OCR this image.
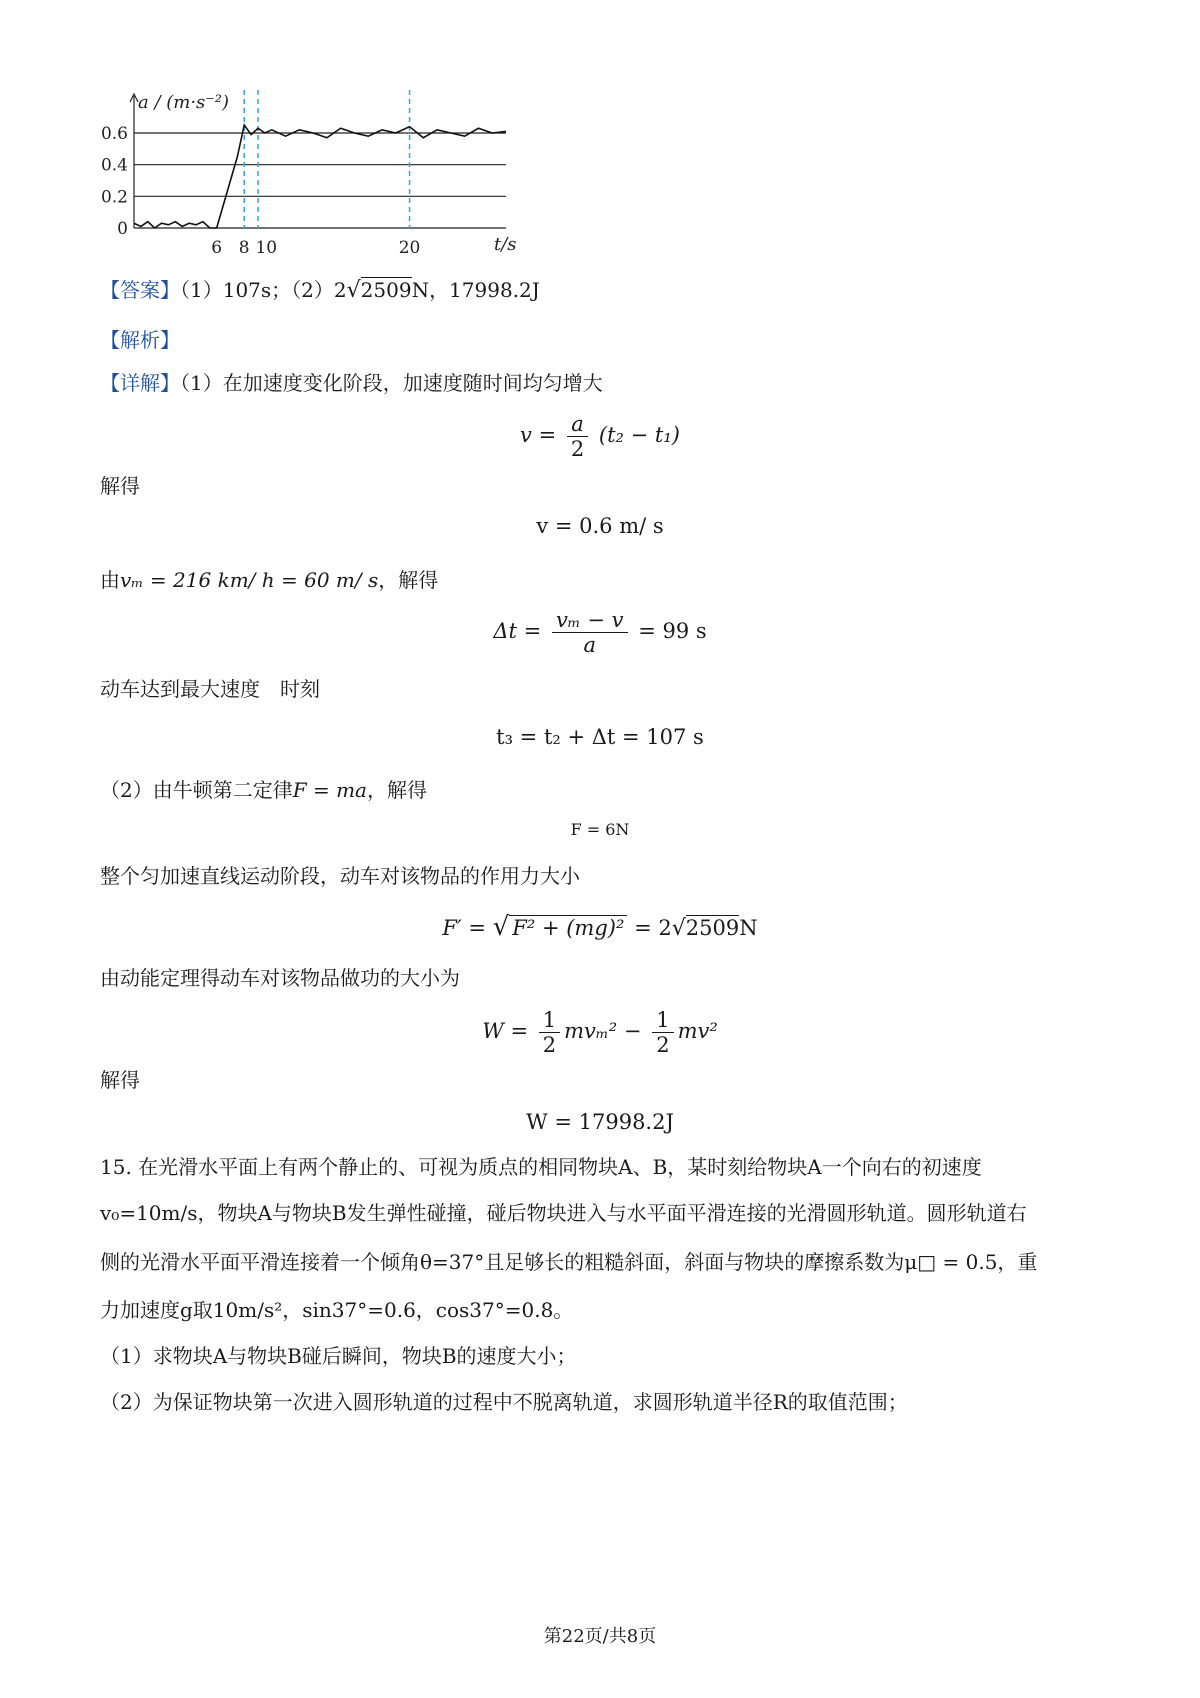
0
0.2
0.4
0.6
a / (m·s⁻²)
6 8 10	20	t/s
【答案】（1）107s；（2）2√2509N，17998.2J
【解析】
【详解】（1）在加速度变化阶段，加速度随时间均匀增大
$v = \frac{a}{2} (t_2 - t_1)$
解得
v = 0.6 m/ s
由vₘ = 216 km/ h = 60 m/ s，解得
$\Delta t = \frac{\text{vₘ − v}}{a} = 99$ s
动车达到最大速度　时刻
t₃ = t₂ + Δt = 107 s
（2）由牛顿第二定律F = ma，解得
F = 6N
整个匀加速直线运动阶段，动车对该物品的作用力大小
F′ = √ F² + (mg)² = 2√2509N
由动能定理得动车对该物品做功的大小为
$W = \frac{1}{2} mv_m^2 - \frac{1}{2} mv^2$
解得
W = 17998.2J
15. 在光滑水平面上有两个静止的、可视为质点的相同物块A、B，某时刻给物块A一个向右的初速度
v₀=10m/s，物块A与物块B发生弹性碰撞，碰后物块进入与水平面平滑连接的光滑圆形轨道。圆形轨道右
侧的光滑水平面平滑连接着一个倾角θ=37°且足够长的粗糙斜面，斜面与物块的摩擦系数为μ□ = 0.5，重
力加速度g取10m/s²，sin37°=0.6，cos37°=0.8。
（1）求物块A与物块B碰后瞬间，物块B的速度大小；
（2）为保证物块第一次进入圆形轨道的过程中不脱离轨道，求圆形轨道半径R的取值范围；
第22页/共8页
